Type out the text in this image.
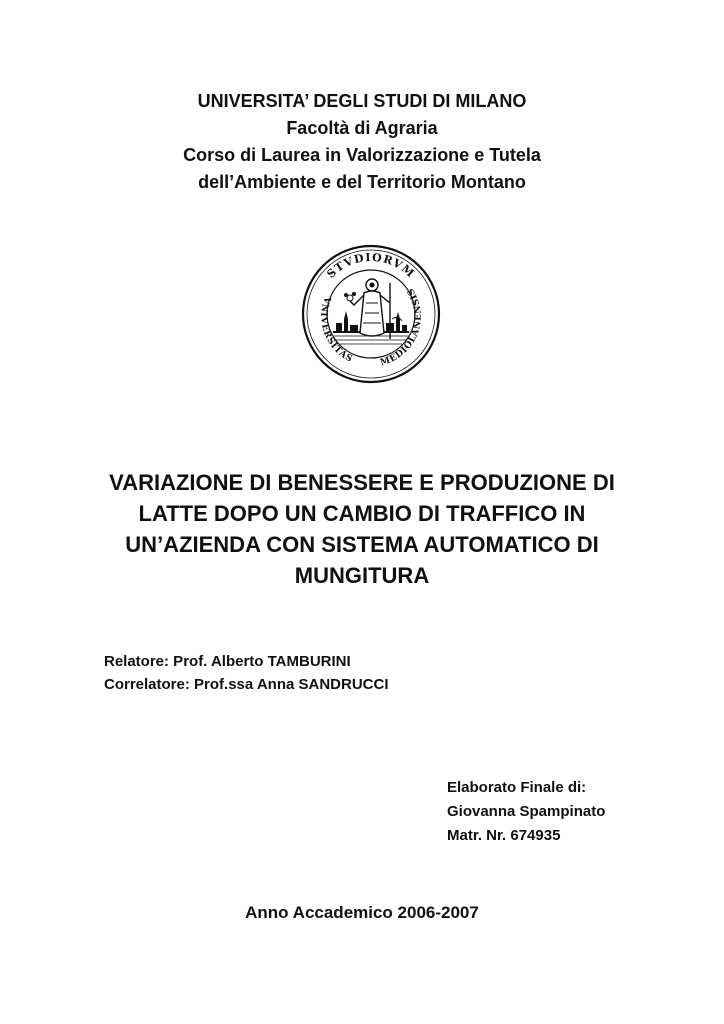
UNIVERSITA’ DEGLI STUDI DI MILANO
Facoltà di Agraria
Corso di Laurea in Valorizzazione e Tutela
dell’Ambiente e del Territorio Montano
STVDIORVM
VNIVERSITAS	MEDIOLANENSIS
VARIAZIONE DI BENESSERE E PRODUZIONE DI
LATTE DOPO UN CAMBIO DI TRAFFICO IN
UN’AZIENDA CON SISTEMA AUTOMATICO DI
MUNGITURA
Relatore: Prof. Alberto TAMBURINI
Correlatore: Prof.ssa Anna SANDRUCCI
Elaborato Finale di:
Giovanna Spampinato
Matr. Nr. 674935
Anno Accademico 2006-2007
